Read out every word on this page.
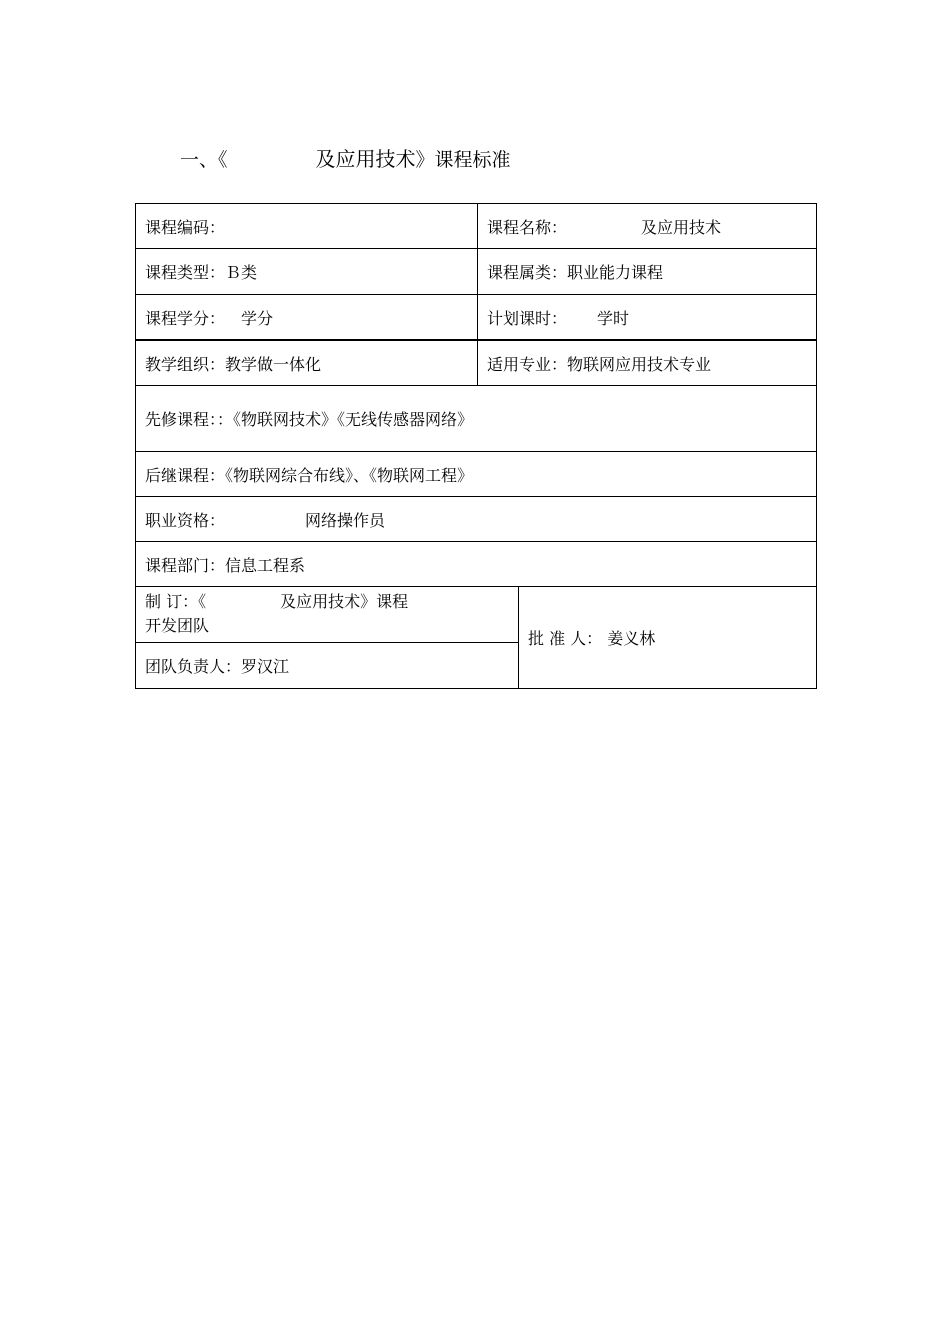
一、《	及应用技术》课程标准
课程编码：	课程名称：	及应用技术
课程类型：Ｂ类	课程属类：职业能力课程
课程学分： 学分	计划课时： 学时
教学组织：教学做一体化	适用专业：物联网应用技术专业
先修课程：：《物联网技术》《无线传感器网络》
后继课程：《物联网综合布线》、《物联网工程》
职业资格：	网络操作员
课程部门：信息工程系
制 订：《	及应用技术》课程
开发团队
批 准 人： 姜义林
团队负责人：罗汉江
